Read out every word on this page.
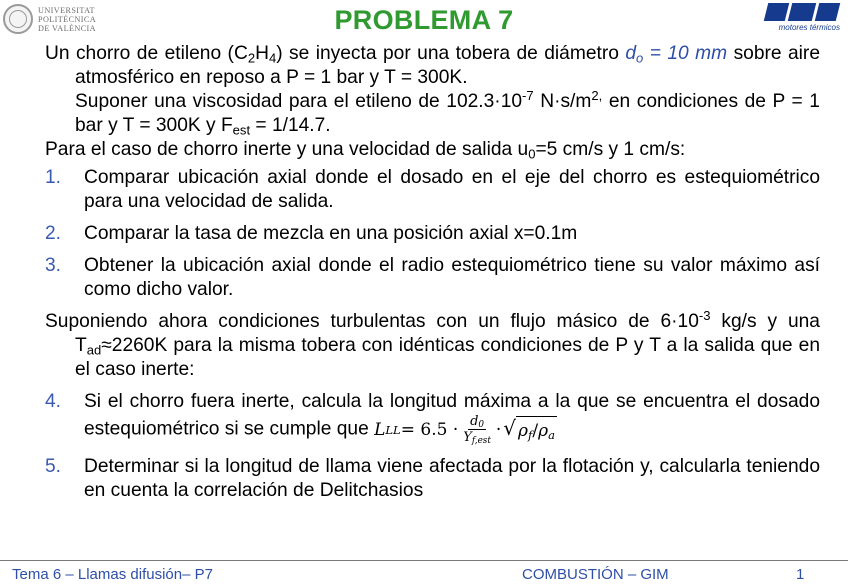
UNIVERSITAT
POLITÈCNICA
DE VALÈNCIA	PROBLEMA 7	motores térmicos
Un chorro de etileno $(C_2H_4)$ se inyecta por una tobera de diámetro $d_o = 10$ mm sobre aire atmosférico en reposo a P = 1 bar y T = 300K.
Suponer una viscosidad para el etileno de $102.3\cdot 10^{-7}$ $N\cdot s/m^{2,}$ en condiciones de P = 1 bar y T = 300K y $F_{est} = 1/14.7$.
Para el caso de chorro inerte y una velocidad de salida $u_0=5$ cm/s y 1 cm/s:
1. Comparar ubicación axial donde el dosado en el eje del chorro es estequiométrico para una velocidad de salida.
2. Comparar la tasa de mezcla en una posición axial x=0.1m
3. Obtener la ubicación axial donde el radio estequiométrico tiene su valor máximo así como dicho valor.
Suponiendo ahora condiciones turbulentas con un flujo másico de $6\cdot 10^{-3}$ kg/s y una $T_{ad}\approx 2260K$ para la misma tobera con idénticas condiciones de P y T a la salida que en el caso inerte:
4. Si el chorro fuera inerte, calcula la longitud máxima a la que se encuentra el dosado estequiométrico si se cumple que L LL = $6.5 \cdot \frac{d_0}{Y_{f,est}}$ · √ $\rho_f/\rho_a$
5. Determinar si la longitud de llama viene afectada por la flotación y, calcularla teniendo en cuenta la correlación de Delitchasios
Tema 6 – Llamas difusión– P7	COMBUSTIÓN – GIM	1
